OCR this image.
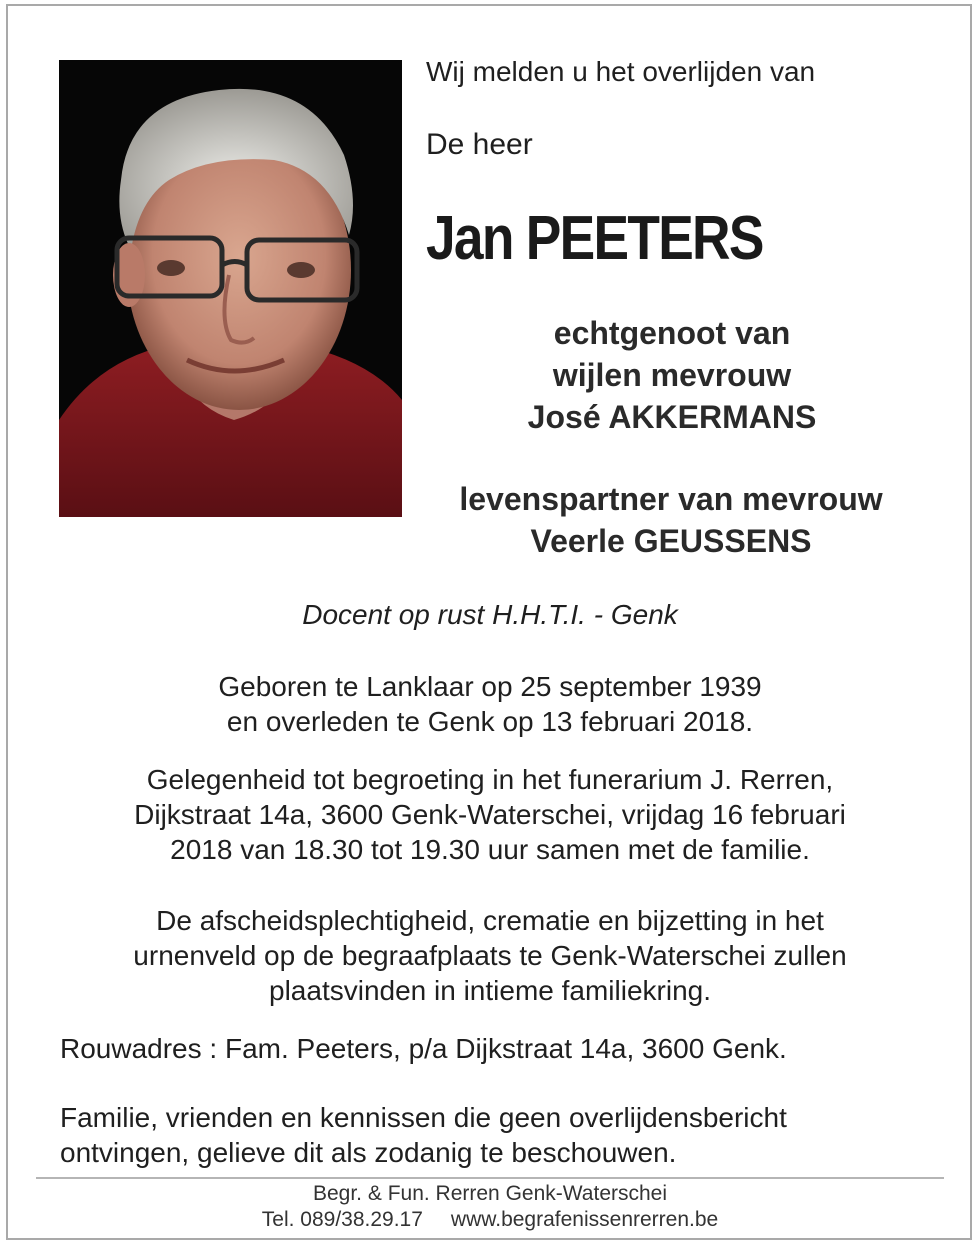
Wij melden u het overlijden van
De heer
Jan PEETERS
echtgenoot van
wijlen mevrouw
José AKKERMANS
levenspartner van mevrouw
Veerle GEUSSENS
Docent op rust H.H.T.I. - Genk
Geboren te Lanklaar op 25 september 1939
en overleden te Genk op 13 februari 2018.
Gelegenheid tot begroeting in het funerarium J. Rerren,
Dijkstraat 14a, 3600 Genk-Waterschei, vrijdag 16 februari
2018 van 18.30 tot 19.30 uur samen met de familie.
De afscheidsplechtigheid, crematie en bijzetting in het
urnenveld op de begraafplaats te Genk-Waterschei zullen
plaatsvinden in intieme familiekring.
Rouwadres : Fam. Peeters, p/a Dijkstraat 14a, 3600 Genk.
Familie, vrienden en kennissen die geen overlijdensbericht
ontvingen, gelieve dit als zodanig te beschouwen.
Begr. & Fun. Rerren Genk-Waterschei
Tel. 089/38.29.17 www.begrafenissenrerren.be
